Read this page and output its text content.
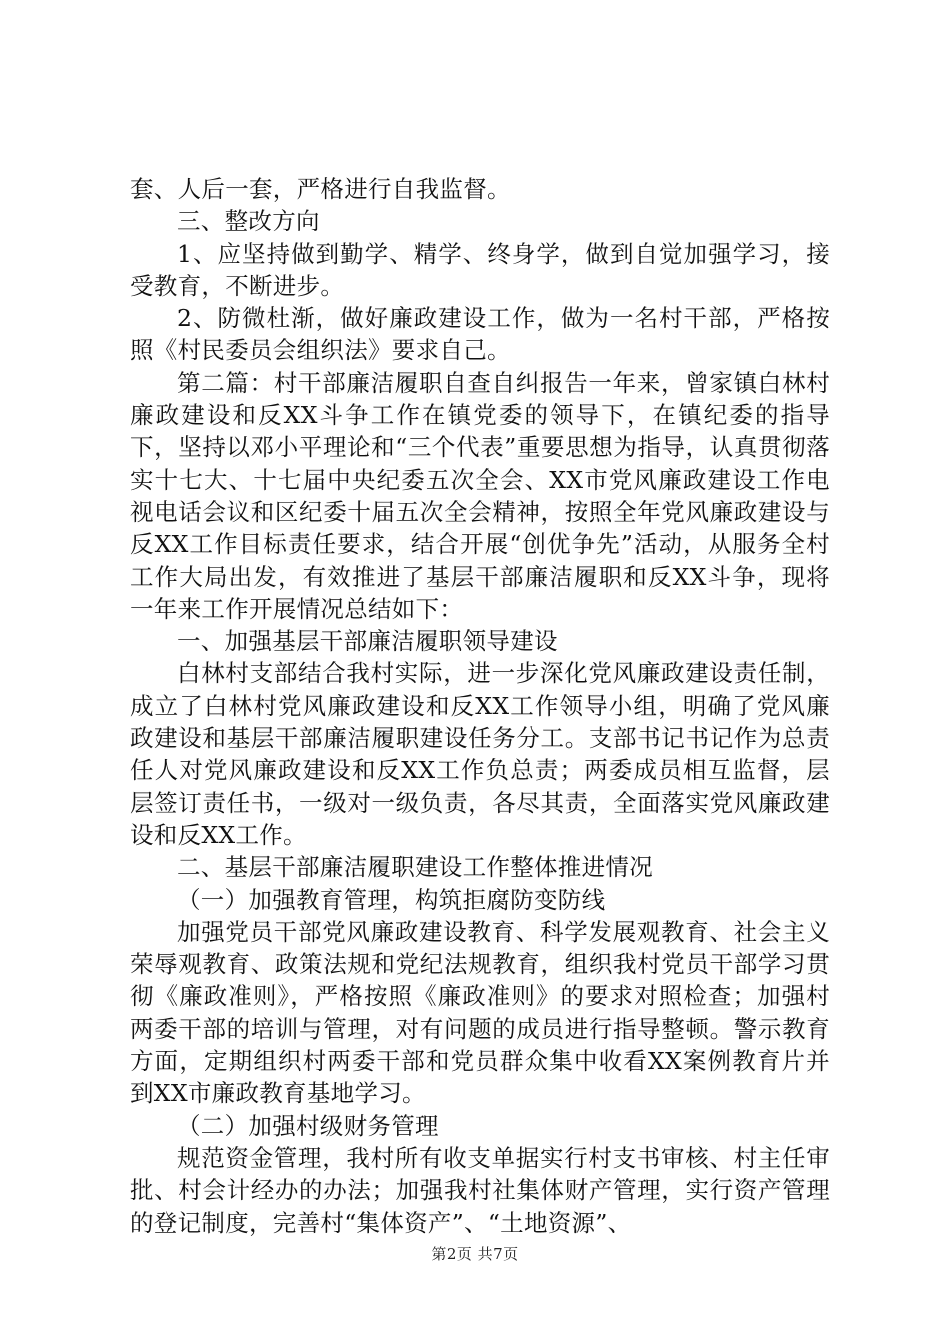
套、人后一套，严格进行自我监督。

三、整改方向

1、应坚持做到勤学、精学、终身学，做到自觉加强学习，接受教育，不断进步。

2、防微杜渐，做好廉政建设工作，做为一名村干部，严格按照《村民委员会组织法》要求自己。

第二篇：村干部廉洁履职自查自纠报告一年来，曾家镇白林村廉政建设和反XX斗争工作在镇党委的领导下，在镇纪委的指导下，坚持以邓小平理论和“三个代表”重要思想为指导，认真贯彻落实十七大、十七届中央纪委五次全会、XX市党风廉政建设工作电视电话会议和区纪委十届五次全会精神，按照全年党风廉政建设与反XX工作目标责任要求，结合开展“创优争先”活动，从服务全村工作大局出发，有效推进了基层干部廉洁履职和反XX斗争，现将一年来工作开展情况总结如下：

一、加强基层干部廉洁履职领导建设

白林村支部结合我村实际，进一步深化党风廉政建设责任制，成立了白林村党风廉政建设和反XX工作领导小组，明确了党风廉政建设和基层干部廉洁履职建设任务分工。支部书记书记作为总责任人对党风廉政建设和反XX工作负总责；两委成员相互监督，层层签订责任书，一级对一级负责，各尽其责，全面落实党风廉政建设和反XX工作。

二、基层干部廉洁履职建设工作整体推进情况

（一）加强教育管理，构筑拒腐防变防线

加强党员干部党风廉政建设教育、科学发展观教育、社会主义荣辱观教育、政策法规和党纪法规教育，组织我村党员干部学习贯彻《廉政准则》，严格按照《廉政准则》的要求对照检查；加强村两委干部的培训与管理，对有问题的成员进行指导整顿。警示教育方面，定期组织村两委干部和党员群众集中收看XX案例教育片并到XX市廉政教育基地学习。

（二）加强村级财务管理

规范资金管理，我村所有收支单据实行村支书审核、村主任审批、村会计经办的办法；加强我村社集体财产管理，实行资产管理的登记制度，完善村“集体资产”、“土地资源”、

第2页 共7页
